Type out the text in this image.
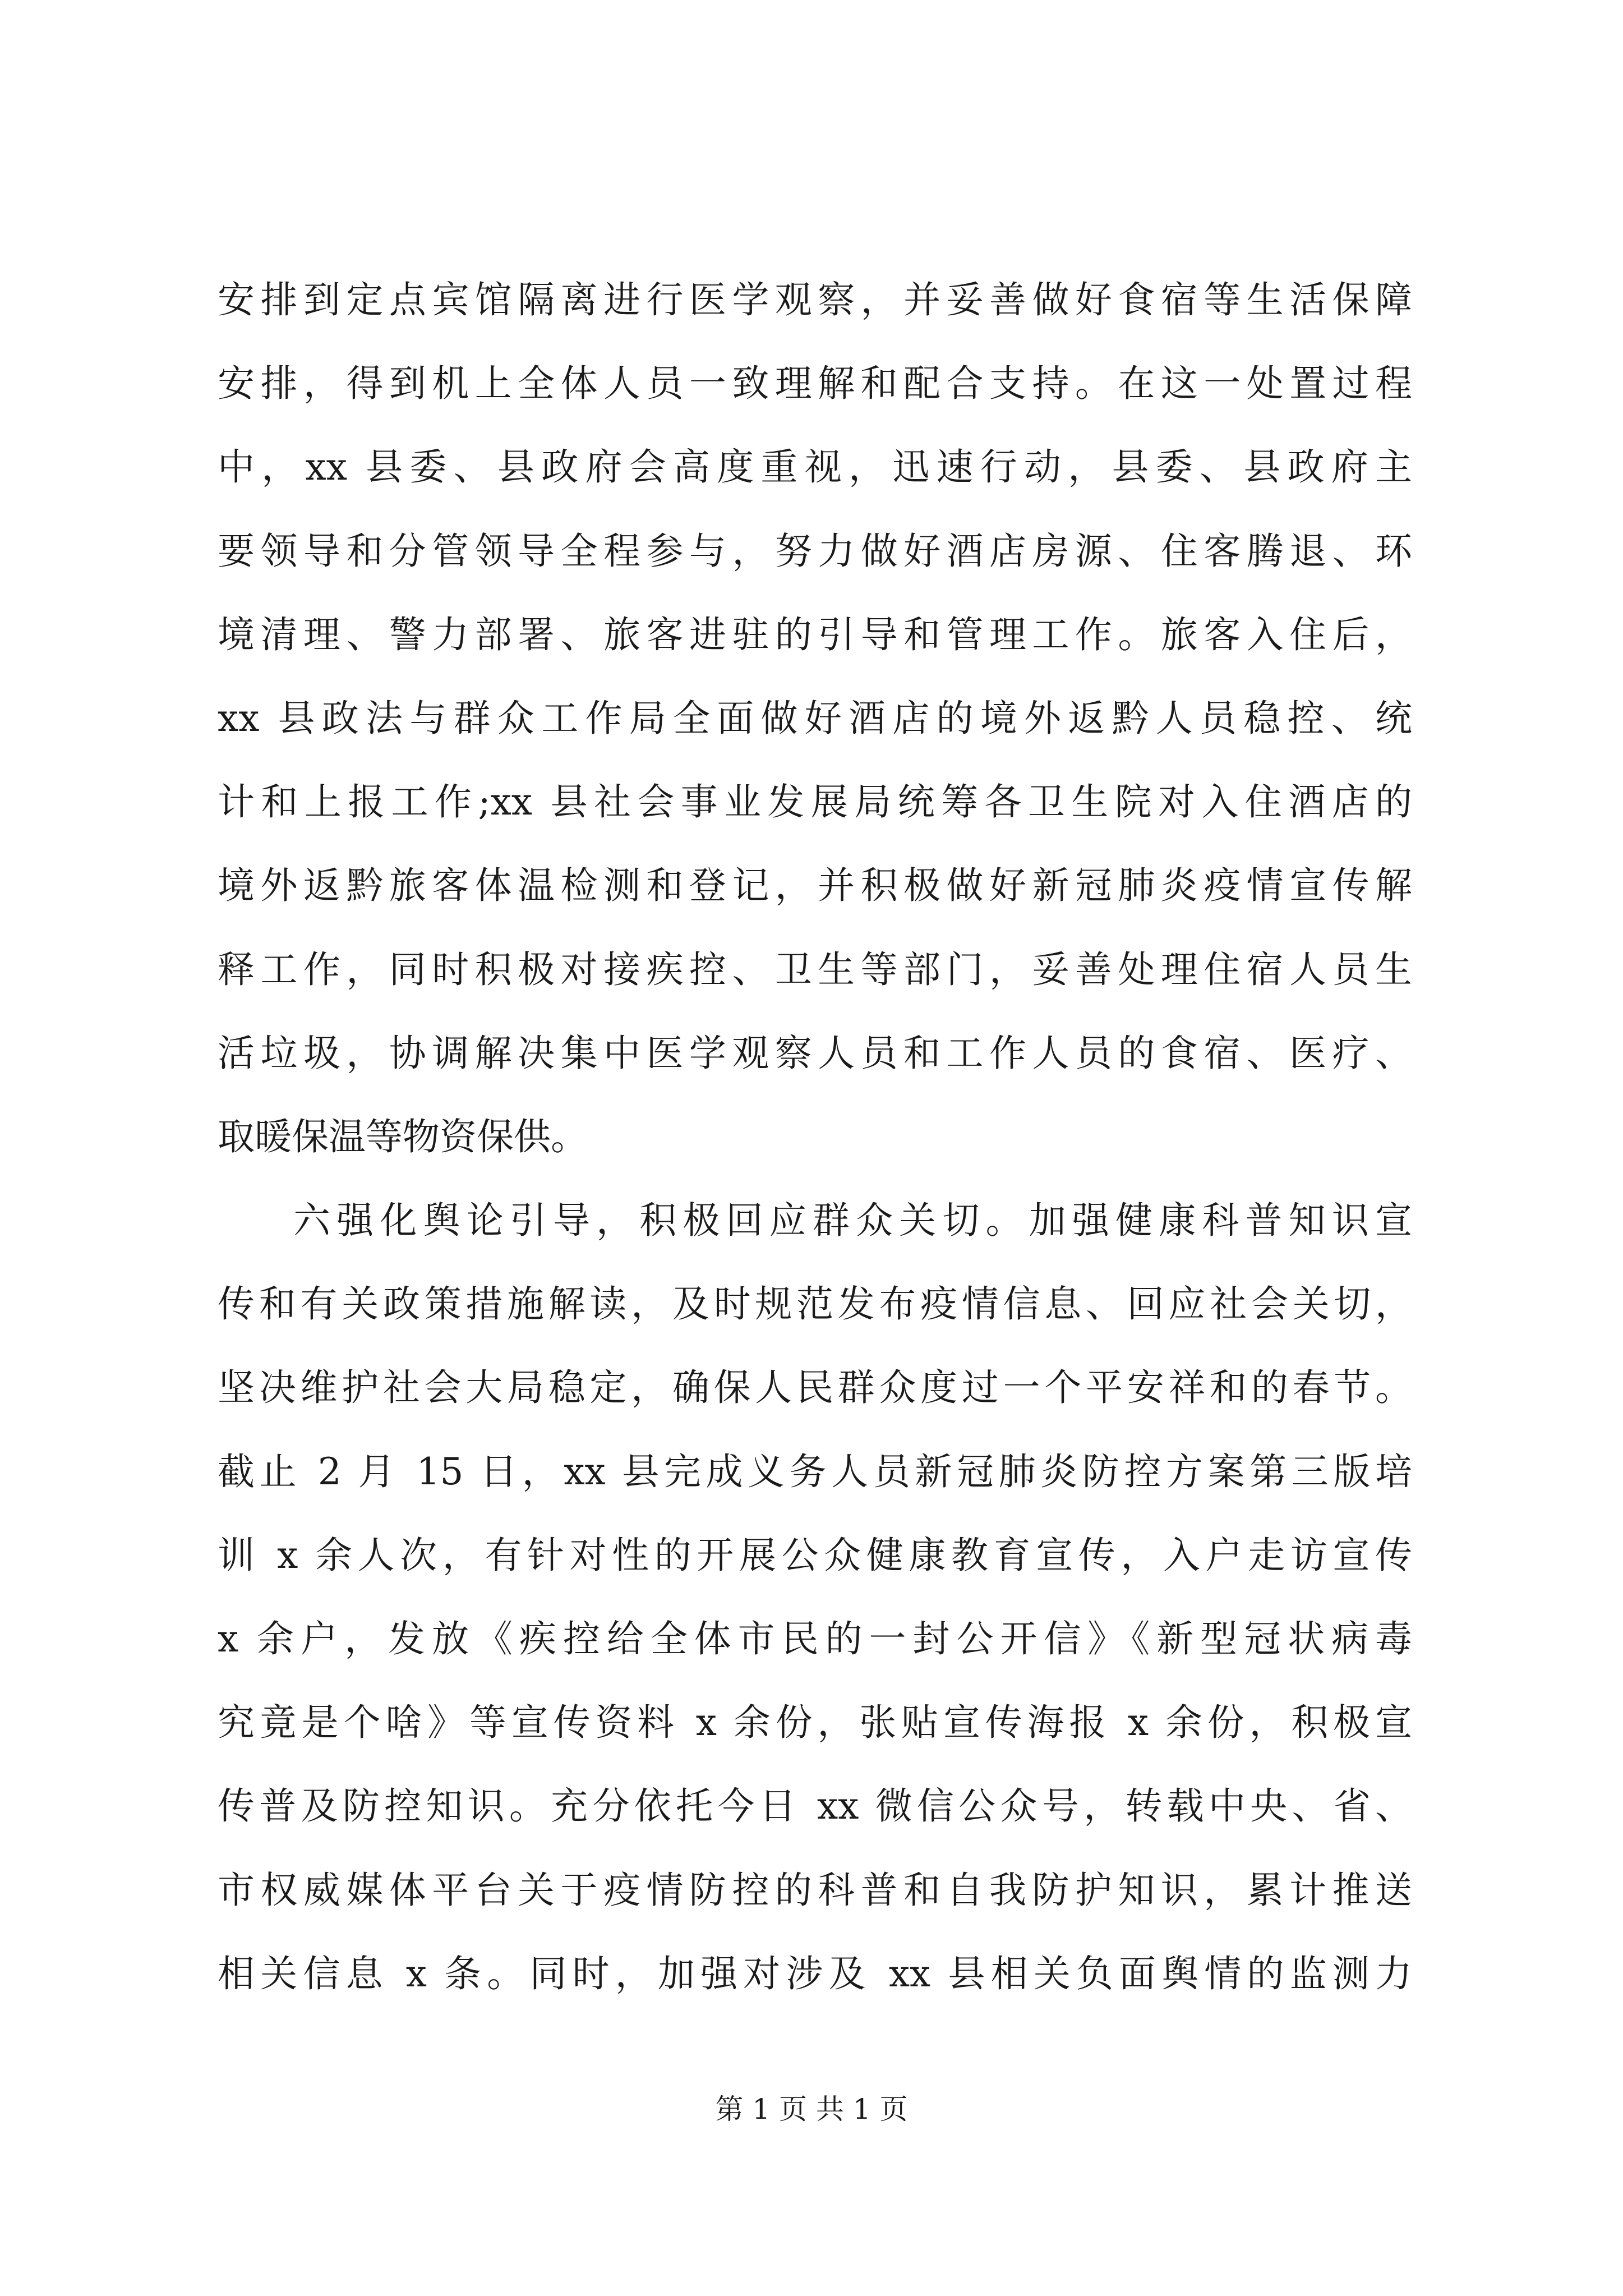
安排到定点宾馆隔离进行医学观察，并妥善做好食宿等生活保障
安排，得到机上全体人员一致理解和配合支持。在这一处置过程
中，xx 县委、县政府会高度重视，迅速行动，县委、县政府主
要领导和分管领导全程参与，努力做好酒店房源、住客腾退、环
境清理、警力部署、旅客进驻的引导和管理工作。旅客入住后，
xx 县政法与群众工作局全面做好酒店的境外返黔人员稳控、统
计和上报工作;xx 县社会事业发展局统筹各卫生院对入住酒店的
境外返黔旅客体温检测和登记，并积极做好新冠肺炎疫情宣传解
释工作，同时积极对接疾控、卫生等部门，妥善处理住宿人员生
活垃圾，协调解决集中医学观察人员和工作人员的食宿、医疗、
取暖保温等物资保供。
六强化舆论引导，积极回应群众关切。加强健康科普知识宣
传和有关政策措施解读，及时规范发布疫情信息、回应社会关切，
坚决维护社会大局稳定，确保人民群众度过一个平安祥和的春节。
截止 2 月 15 日，xx 县完成义务人员新冠肺炎防控方案第三版培
训 x 余人次，有针对性的开展公众健康教育宣传，入户走访宣传
x 余户，发放《疾控给全体市民的一封公开信》《新型冠状病毒
究竟是个啥》等宣传资料 x 余份，张贴宣传海报 x 余份，积极宣
传普及防控知识。充分依托今日 xx 微信公众号，转载中央、省、
市权威媒体平台关于疫情防控的科普和自我防护知识，累计推送
相关信息 x 条。同时，加强对涉及 xx 县相关负面舆情的监测力
第 1 页 共 1 页
